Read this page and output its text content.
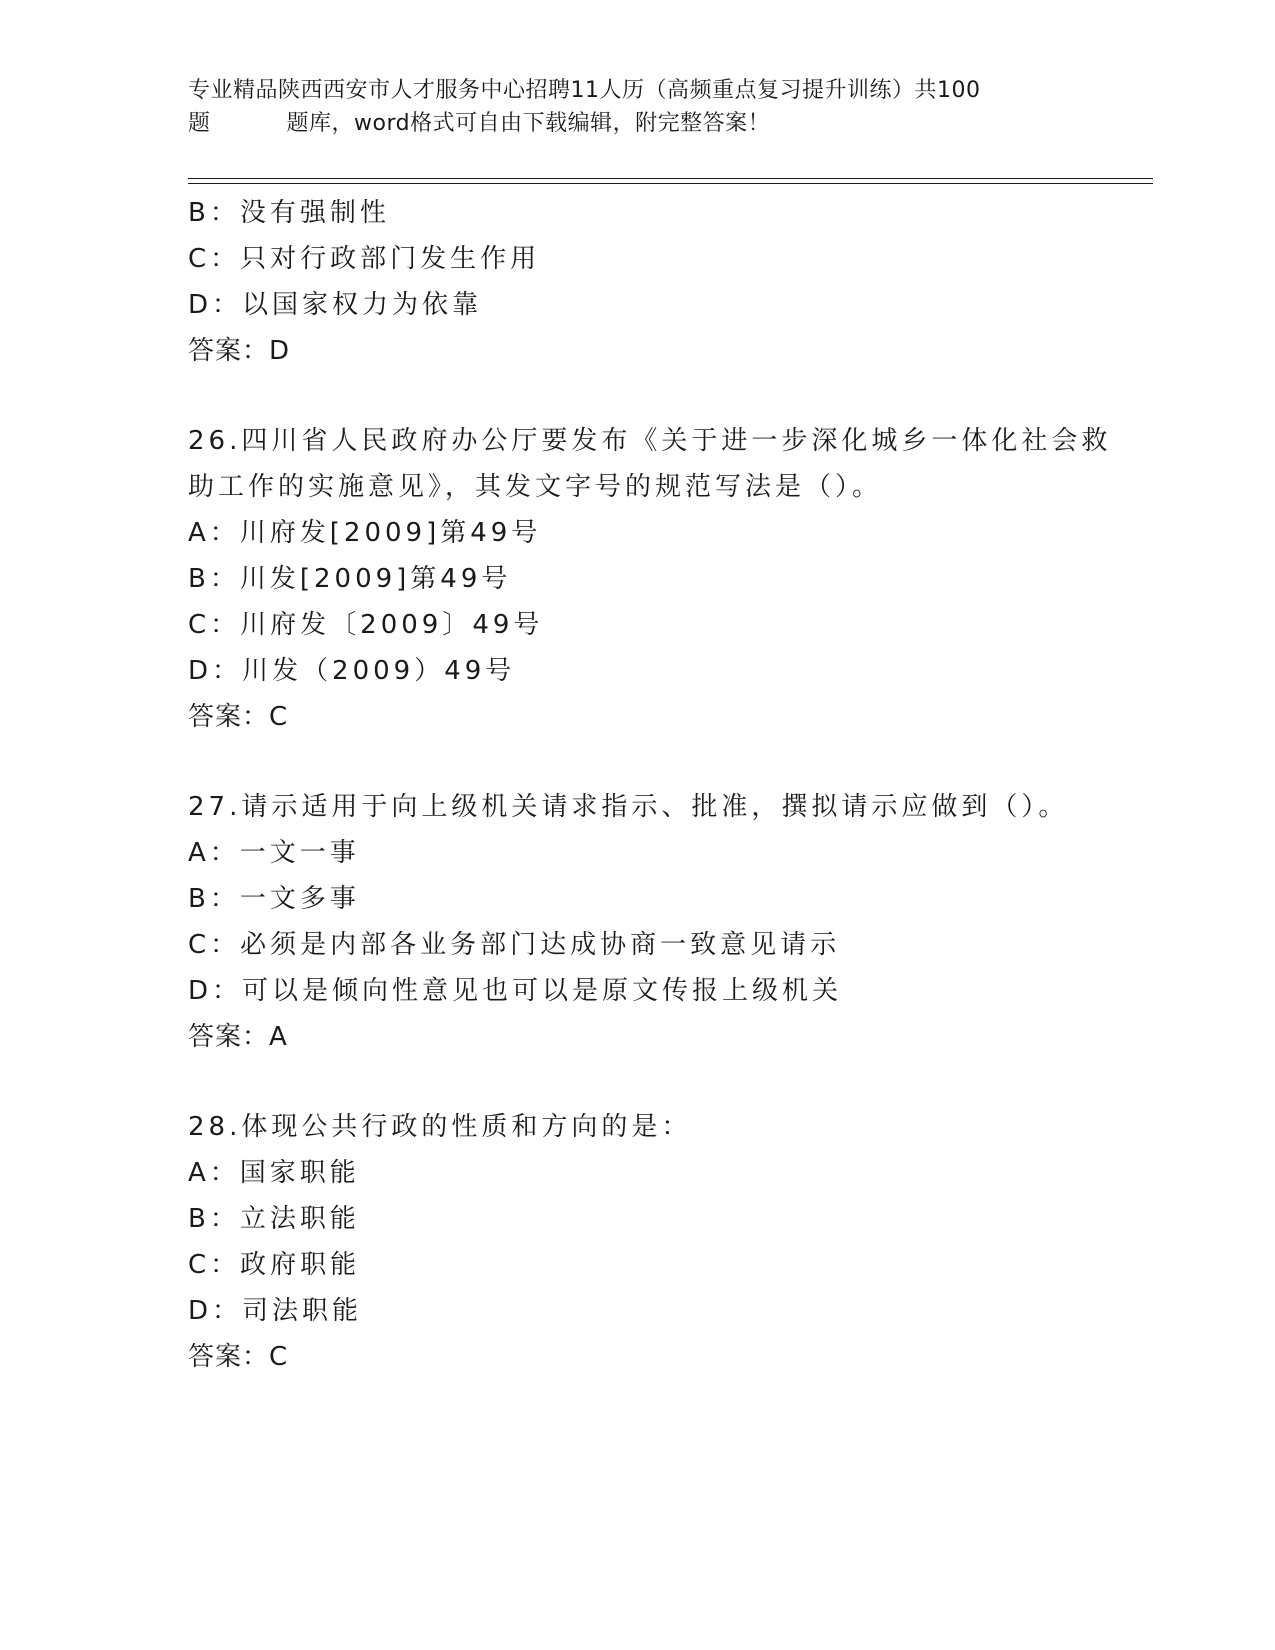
专业精品陕西西安市人才服务中心招聘11人历（高频重点复习提升训练）共100
题	题库，word格式可自由下载编辑，附完整答案！
B：没有强制性
C：只对行政部门发生作用
D：以国家权力为依靠
答案：D
26.四川省人民政府办公厅要发布《关于进一步深化城乡一体化社会救
助工作的实施意见》，其发文字号的规范写法是（）。
A：川府发[2009]第49号
B：川发[2009]第49号
C：川府发〔2009〕49号
D：川发（2009）49号
答案：C
27.请示适用于向上级机关请求指示、批准，撰拟请示应做到（）。
A：一文一事
B：一文多事
C：必须是内部各业务部门达成协商一致意见请示
D：可以是倾向性意见也可以是原文传报上级机关
答案：A
28.体现公共行政的性质和方向的是：
A：国家职能
B：立法职能
C：政府职能
D：司法职能
答案：C
